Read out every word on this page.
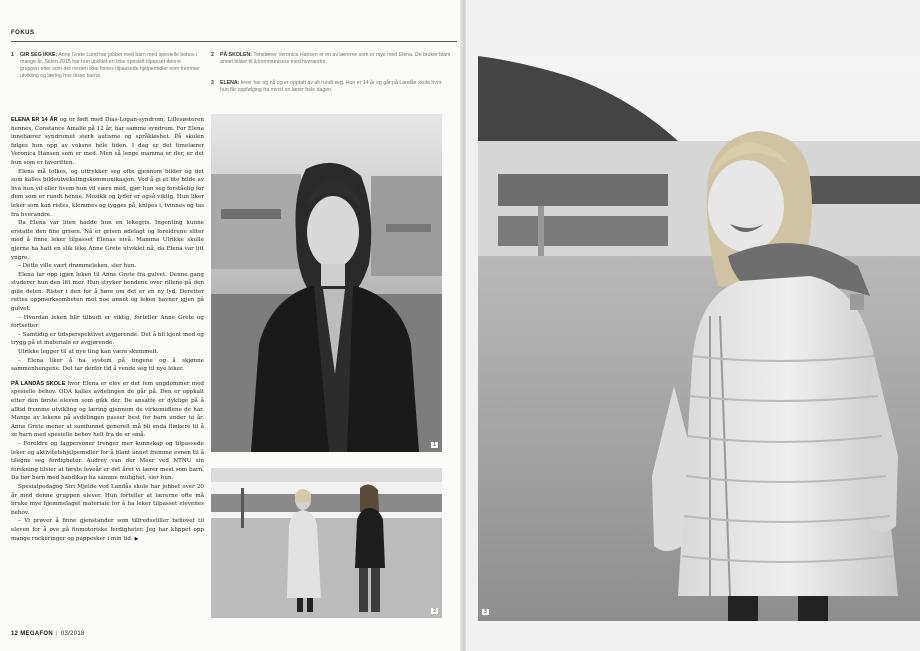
FOKUS
1	GIR SEG IKKE: Anne Grete Lund har jobbet med barn med spesielle behov i mange år. Siden 2015 har hun utviklet en leke spesielt tilpasset denne gruppen etter som det nesten ikke finnes tilpassede hjelpemidler som fremmer utvikling og læring hos disse barna.
2	PÅ SKOLEN: Timelærer Veronica Hansen er en av lærerne som er mye med Elena. De bruker blant annet bilder til å kommunisere med hverandre.
3	ELENA: lever her og nå og er opptatt av alt rundt seg. Hun er 14 år og går på Landås skole hvor hun får oppfølging fra minst en lærer hele dagen.

ELENA ER 14 ÅR og er født med Dias-Logan-syndrom. Lillesøsteren hennes, Constance Amalie på 12 år, har samme syndrom. For Elena innebærer syndromet sterk autisme og språkløshet. På skolen følges hun opp av voksne hele tiden. I dag er det timelærer Veronica Hansen som er med. Men så lenge mamma er der, er det hun som er favoritten.

Elena må tolkes, og uttrykker seg ofte gjennom bilder og det som kalles bildeutvekslingskommunikasjon. Ved å gi et lite bilde av hva hun vil eller hvem hun vil være med, gjør hun seg forståelig for dem som er rundt henne. Musikk og lyder er også viktig. Hun liker leker som kan ristes, klemmes og tygges på, knipes i, tvinnes og tas fra hverandre.

Da Elena var liten hadde hun en lekegris. Ingenting kunne erstatte den fine grisen. Nå er grisen ødelagt og foreldrene sliter med å finne leker tilpasset Elenas nivå. Mamma Ulrikke skulle gjerne ha hatt en slik leke Anne Grete utviklet nå, da Elena var litt yngre.

– Dette ville vært drømmeleken, sier hun.

Elena tar opp igjen leken til Anne Grete fra gulvet. Denne gang studerer hun den litt mer. Hun stryker hendene over rillene på den gule delen. Rister i den for å høre om det er en ny lyd. Deretter rettes oppmerksomheten mot noe annet og leken havner igjen på gulvet.

– Hvordan leken blir tilbudt er viktig, forteller Anne Grete og fortsetter:

– Samtidig er tidsperspektivet avgjørende. Det å bli kjent med og trygg på et materiale er avgjørende.

Ulrikke legger til at nye ting kan være skummelt.

– Elena liker å ha system på tingene og å skjønne sammenhengene. Det tar derfor tid å vende seg til nye leker.

PÅ LANDÅS SKOLE hvor Elena er elev er det fem ungdommer med spesielle behov. ODA kalles avdelingen de går på. Den er oppkalt etter den første eleven som gikk der. De ansatte er dyktige på å alltid fremme utvikling og læring gjennom de virkemidlene de har. Mange av lekene på avdelingen passer best for barn under to år. Anne Grete mener at samfunnet generelt må bli enda flinkere til å se barn med spesielle behov helt fra de er små.

– Foreldre og fagpersoner trenger mer kunnskap og tilpassede leker og aktivitetshjelpemidler for å blant annet fremme evnen til å tilegne seg ferdigheter. Audrey van der Meer ved NTNU sin forskning tilsier at første leveår er det året vi lærer mest som barn. Da bør barn med handikap ha samme mulighet, sier hun.

Spesialpedagog Siri Mjelde ved Landås skole har jobbet over 20 år med denne gruppen elever. Hun forteller at lærerne ofte må bruke mye hjemmelaget materiale for å ha leker tilpasset elevenes behov.

– Vi prøver å finne gjenstander som tilfredsstiller behovet til eleven for å øve på finmotoriske ferdigheter. Jeg har klippet opp mange rockeringer og pappesker i min tid. ▶

1
2
12 MEGAFON | 03/2018
3
